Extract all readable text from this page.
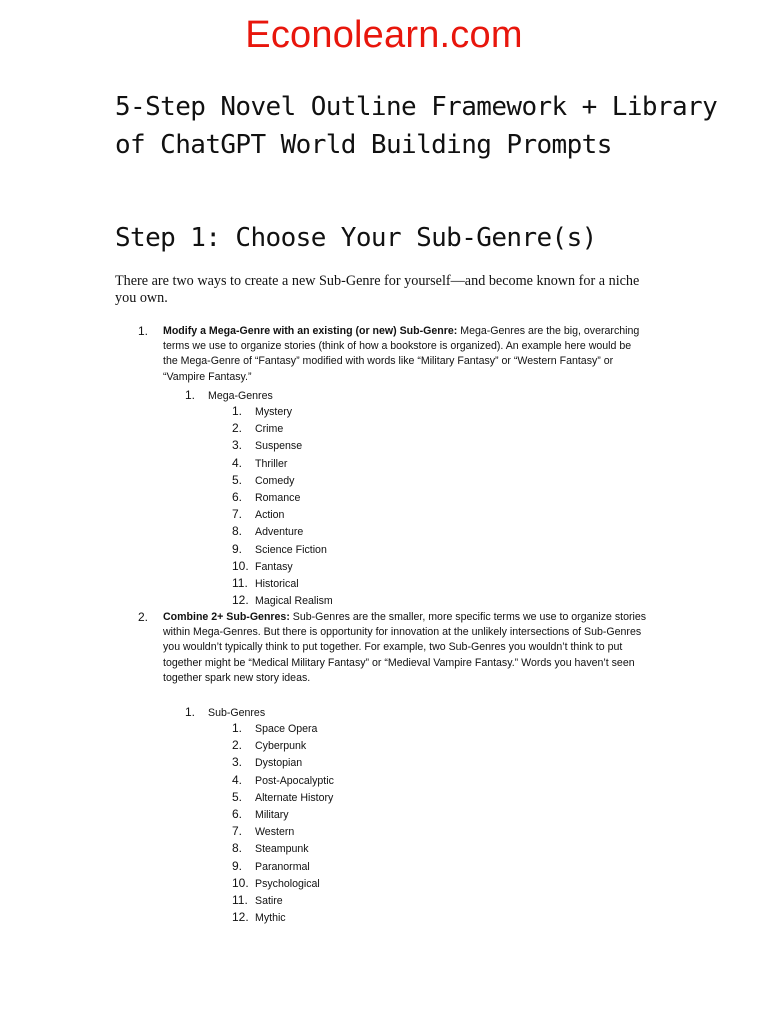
Econolearn.com
5-Step Novel Outline Framework + Library of ChatGPT World Building Prompts
Step 1: Choose Your Sub-Genre(s)

There are two ways to create a new Sub-Genre for yourself—and become known for a niche you own.

1. Modify a Mega-Genre with an existing (or new) Sub-Genre: Mega-Genres are the big, overarching terms we use to organize stories (think of how a bookstore is organized). An example here would be the Mega-Genre of “Fantasy” modified with words like “Military Fantasy” or “Western Fantasy” or “Vampire Fantasy.”
1. Mega-Genres
1. Mystery
2. Crime
3. Suspense
4. Thriller
5. Comedy
6. Romance
7. Action
8. Adventure
9. Science Fiction
10. Fantasy
11. Historical
12. Magical Realism
2. Combine 2+ Sub-Genres: Sub-Genres are the smaller, more specific terms we use to organize stories within Mega-Genres. But there is opportunity for innovation at the unlikely intersections of Sub-Genres you wouldn’t typically think to put together. For example, two Sub-Genres you wouldn’t think to put together might be “Medical Military Fantasy” or “Medieval Vampire Fantasy.” Words you haven’t seen together spark new story ideas.
1. Sub-Genres
1. Space Opera
2. Cyberpunk
3. Dystopian
4. Post-Apocalyptic
5. Alternate History
6. Military
7. Western
8. Steampunk
9. Paranormal
10. Psychological
11. Satire
12. Mythic
